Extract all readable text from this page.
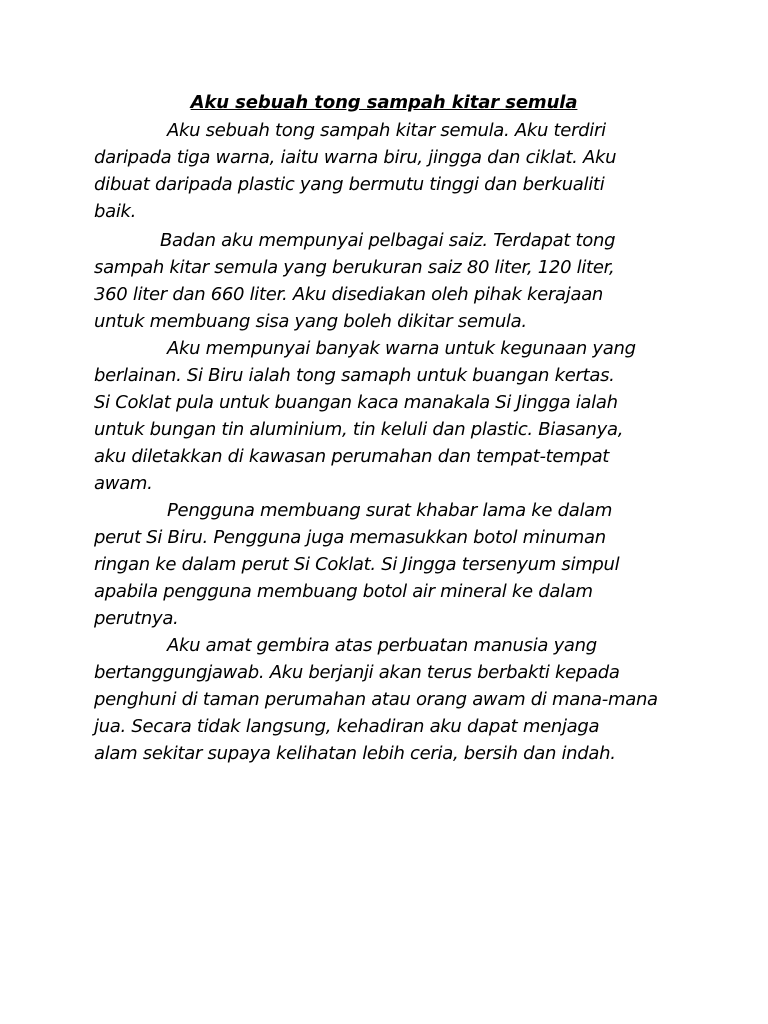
Aku sebuah tong sampah kitar semula

Aku sebuah tong sampah kitar semula. Aku terdiri

daripada tiga warna, iaitu warna biru, jingga dan ciklat. Aku

dibuat daripada plastic yang bermutu tinggi dan berkualiti

baik.

Badan aku mempunyai pelbagai saiz. Terdapat tong

sampah kitar semula yang berukuran saiz 80 liter, 120 liter,

360 liter dan 660 liter. Aku disediakan oleh pihak kerajaan

untuk membuang sisa yang boleh dikitar semula.

Aku mempunyai banyak warna untuk kegunaan yang

berlainan. Si Biru ialah tong samaph untuk buangan kertas.

Si Coklat pula untuk buangan kaca manakala Si Jingga ialah

untuk bungan tin aluminium, tin keluli dan plastic. Biasanya,

aku diletakkan di kawasan perumahan dan tempat-tempat

awam.

Pengguna membuang surat khabar lama ke dalam

perut Si Biru. Pengguna juga memasukkan botol minuman

ringan ke dalam perut Si Coklat. Si Jingga tersenyum simpul

apabila pengguna membuang botol air mineral ke dalam

perutnya.

Aku amat gembira atas perbuatan manusia yang

bertanggungjawab. Aku berjanji akan terus berbakti kepada

penghuni di taman perumahan atau orang awam di mana-mana

jua. Secara tidak langsung, kehadiran aku dapat menjaga

alam sekitar supaya kelihatan lebih ceria, bersih dan indah.
